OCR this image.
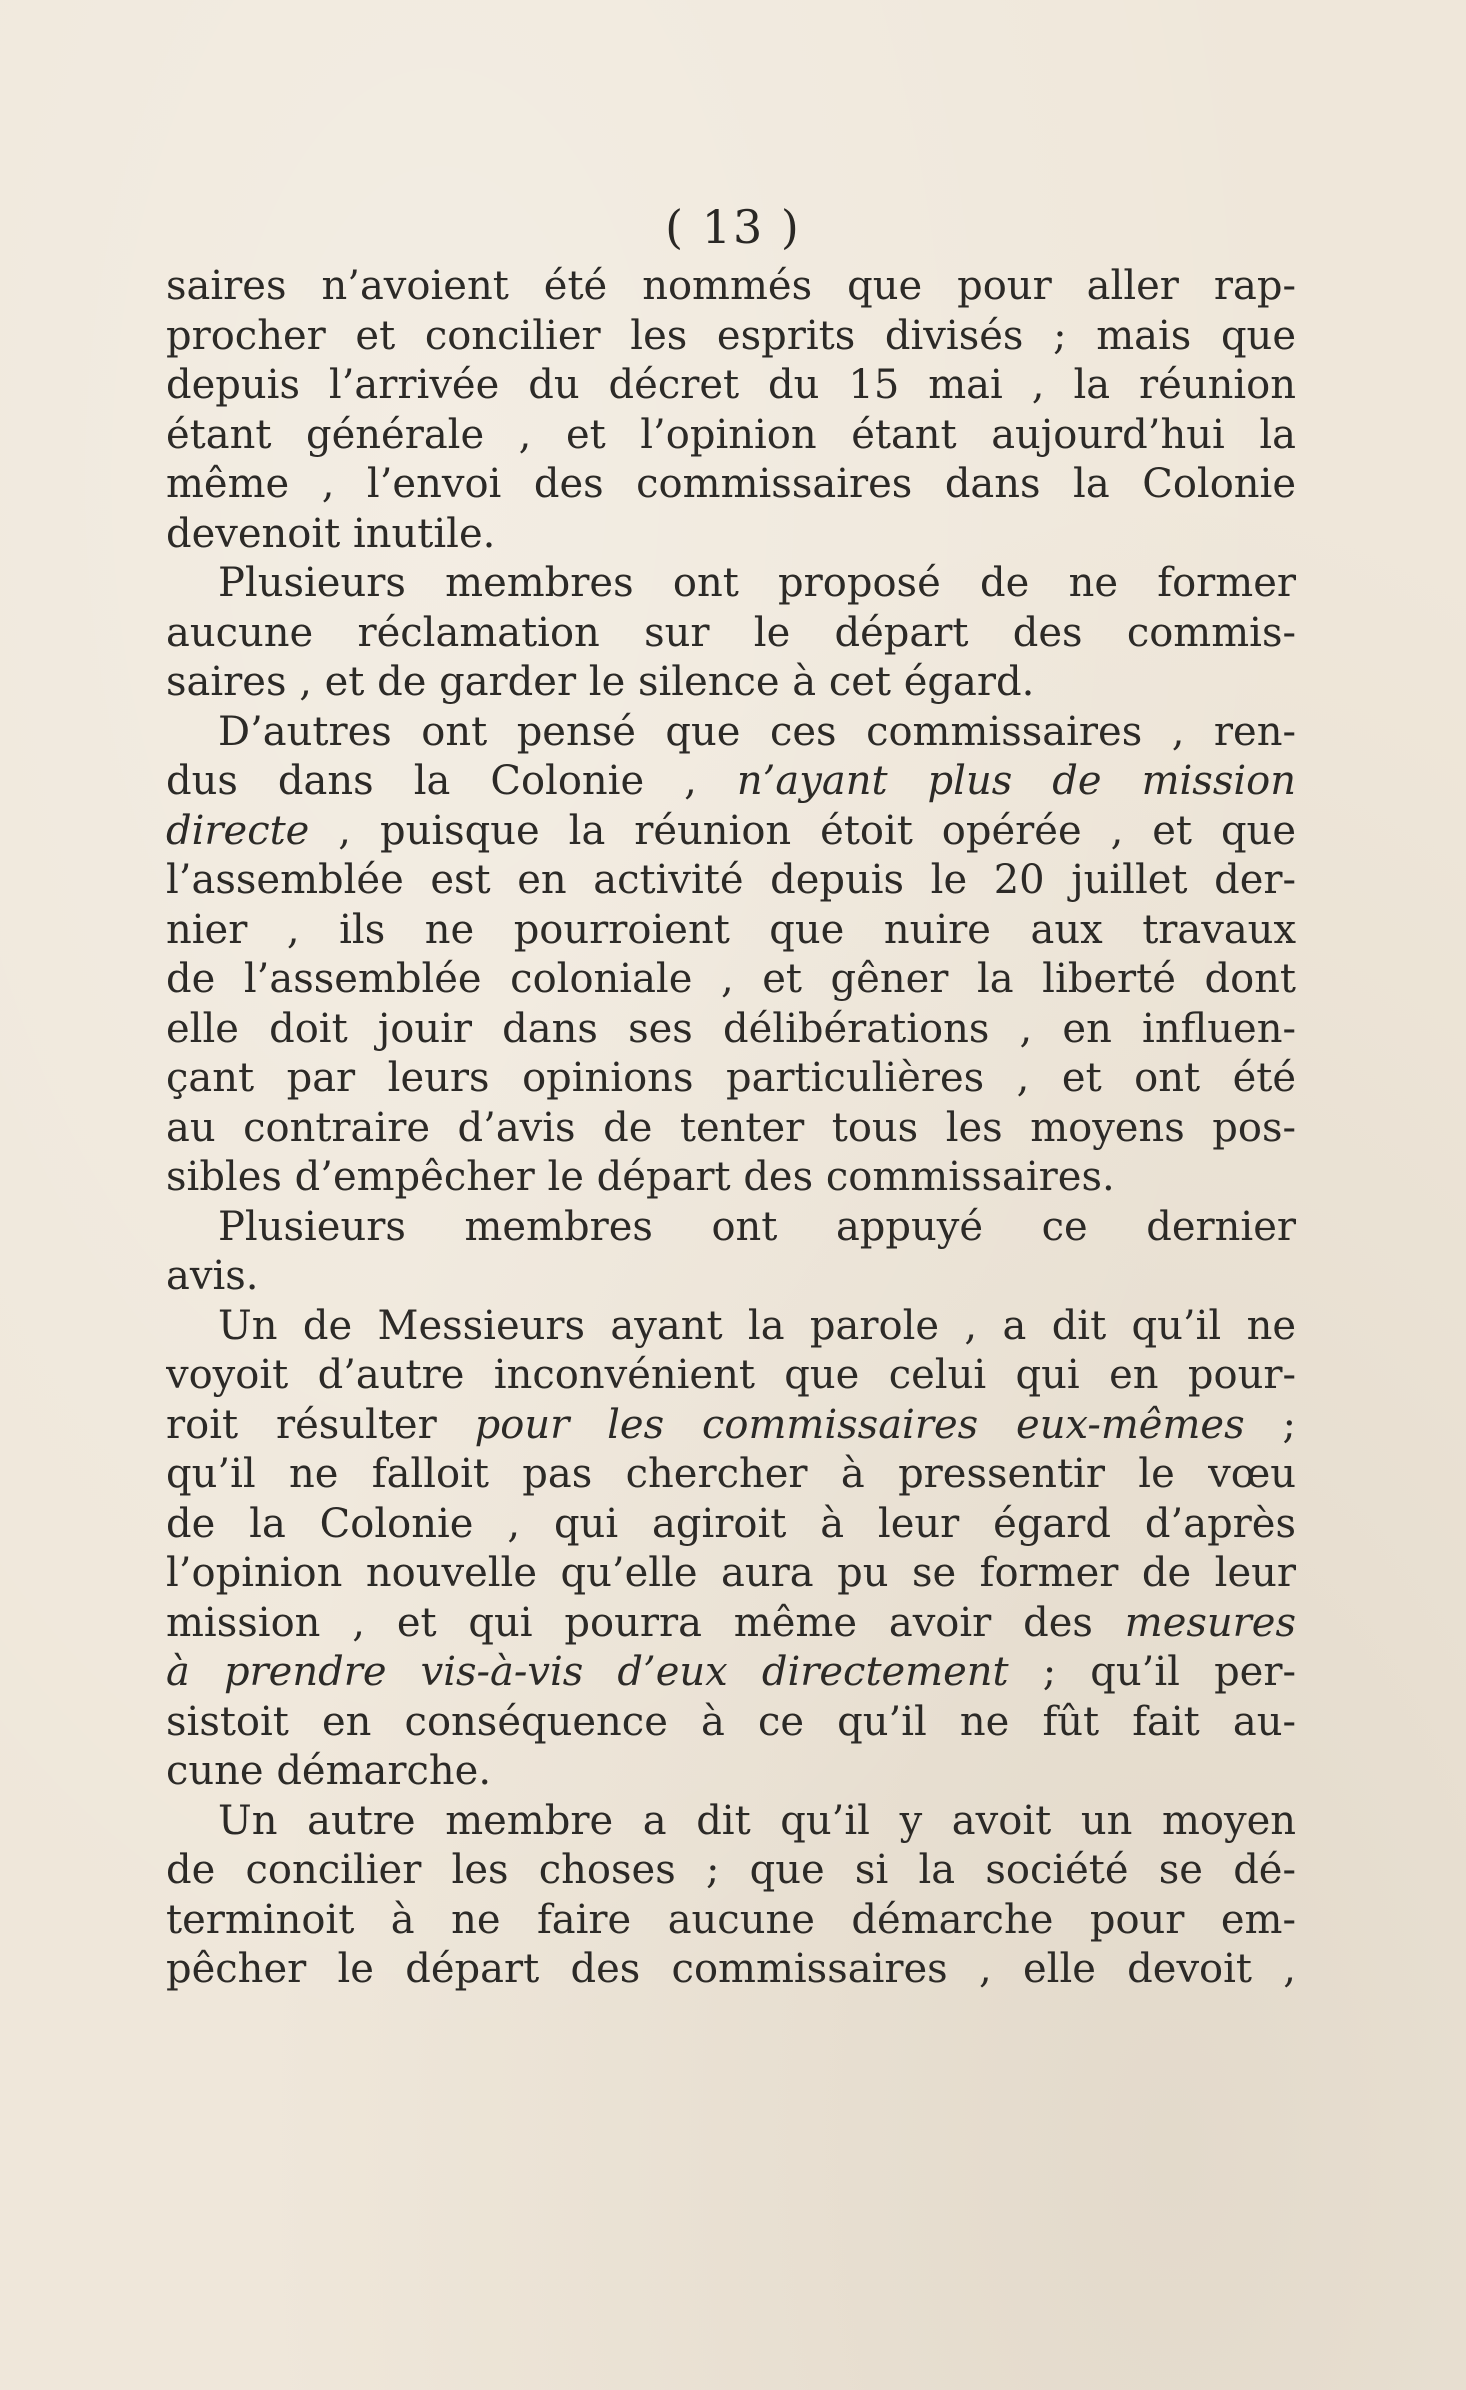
( 13 )
saires n’avoient été nommés que pour aller rap-
procher et concilier les esprits divisés ; mais que
depuis l’arrivée du décret du 15 mai , la réunion
étant générale , et l’opinion étant aujourd’hui la
même , l’envoi des commissaires dans la Colonie
devenoit inutile.
Plusieurs membres ont proposé de ne former
aucune réclamation sur le départ des commis-
saires , et de garder le silence à cet égard.
D’autres ont pensé que ces commissaires , ren-
dus dans la Colonie , n’ayant plus de mission
directe , puisque la réunion étoit opérée , et que
l’assemblée est en activité depuis le 20 juillet der-
nier , ils ne pourroient que nuire aux travaux
de l’assemblée coloniale , et gêner la liberté dont
elle doit jouir dans ses délibérations , en influen-
çant par leurs opinions particulières , et ont été
au contraire d’avis de tenter tous les moyens pos-
sibles d’empêcher le départ des commissaires.
Plusieurs membres ont appuyé ce dernier
avis.
Un de Messieurs ayant la parole , a dit qu’il ne
voyoit d’autre inconvénient que celui qui en pour-
roit résulter pour les commissaires eux-mêmes ;
qu’il ne falloit pas chercher à pressentir le vœu
de la Colonie , qui agiroit à leur égard d’après
l’opinion nouvelle qu’elle aura pu se former de leur
mission , et qui pourra même avoir des mesures
à prendre vis-à-vis d’eux directement ; qu’il per-
sistoit en conséquence à ce qu’il ne fût fait au-
cune démarche.
Un autre membre a dit qu’il y avoit un moyen
de concilier les choses ; que si la société se dé-
terminoit à ne faire aucune démarche pour em-
pêcher le départ des commissaires , elle devoit ,
